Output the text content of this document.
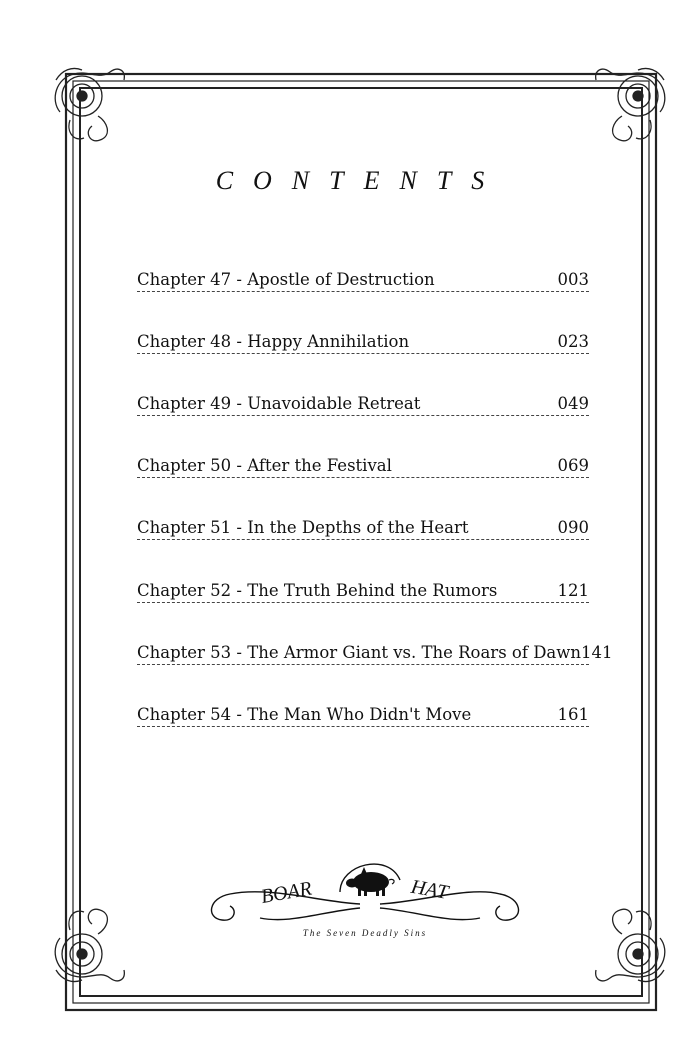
CONTENTS
Chapter 47 - Apostle of Destruction	003
Chapter 48 - Happy Annihilation	023
Chapter 49 - Unavoidable Retreat	049
Chapter 50 - After the Festival	069
Chapter 51 - In the Depths of the Heart	090
Chapter 52 - The Truth Behind the Rumors	121
Chapter 53 - The Armor Giant vs. The Roars of Dawn 141
Chapter 54 - The Man Who Didn't Move	161
BOAR	HAT
The Seven Deadly Sins
